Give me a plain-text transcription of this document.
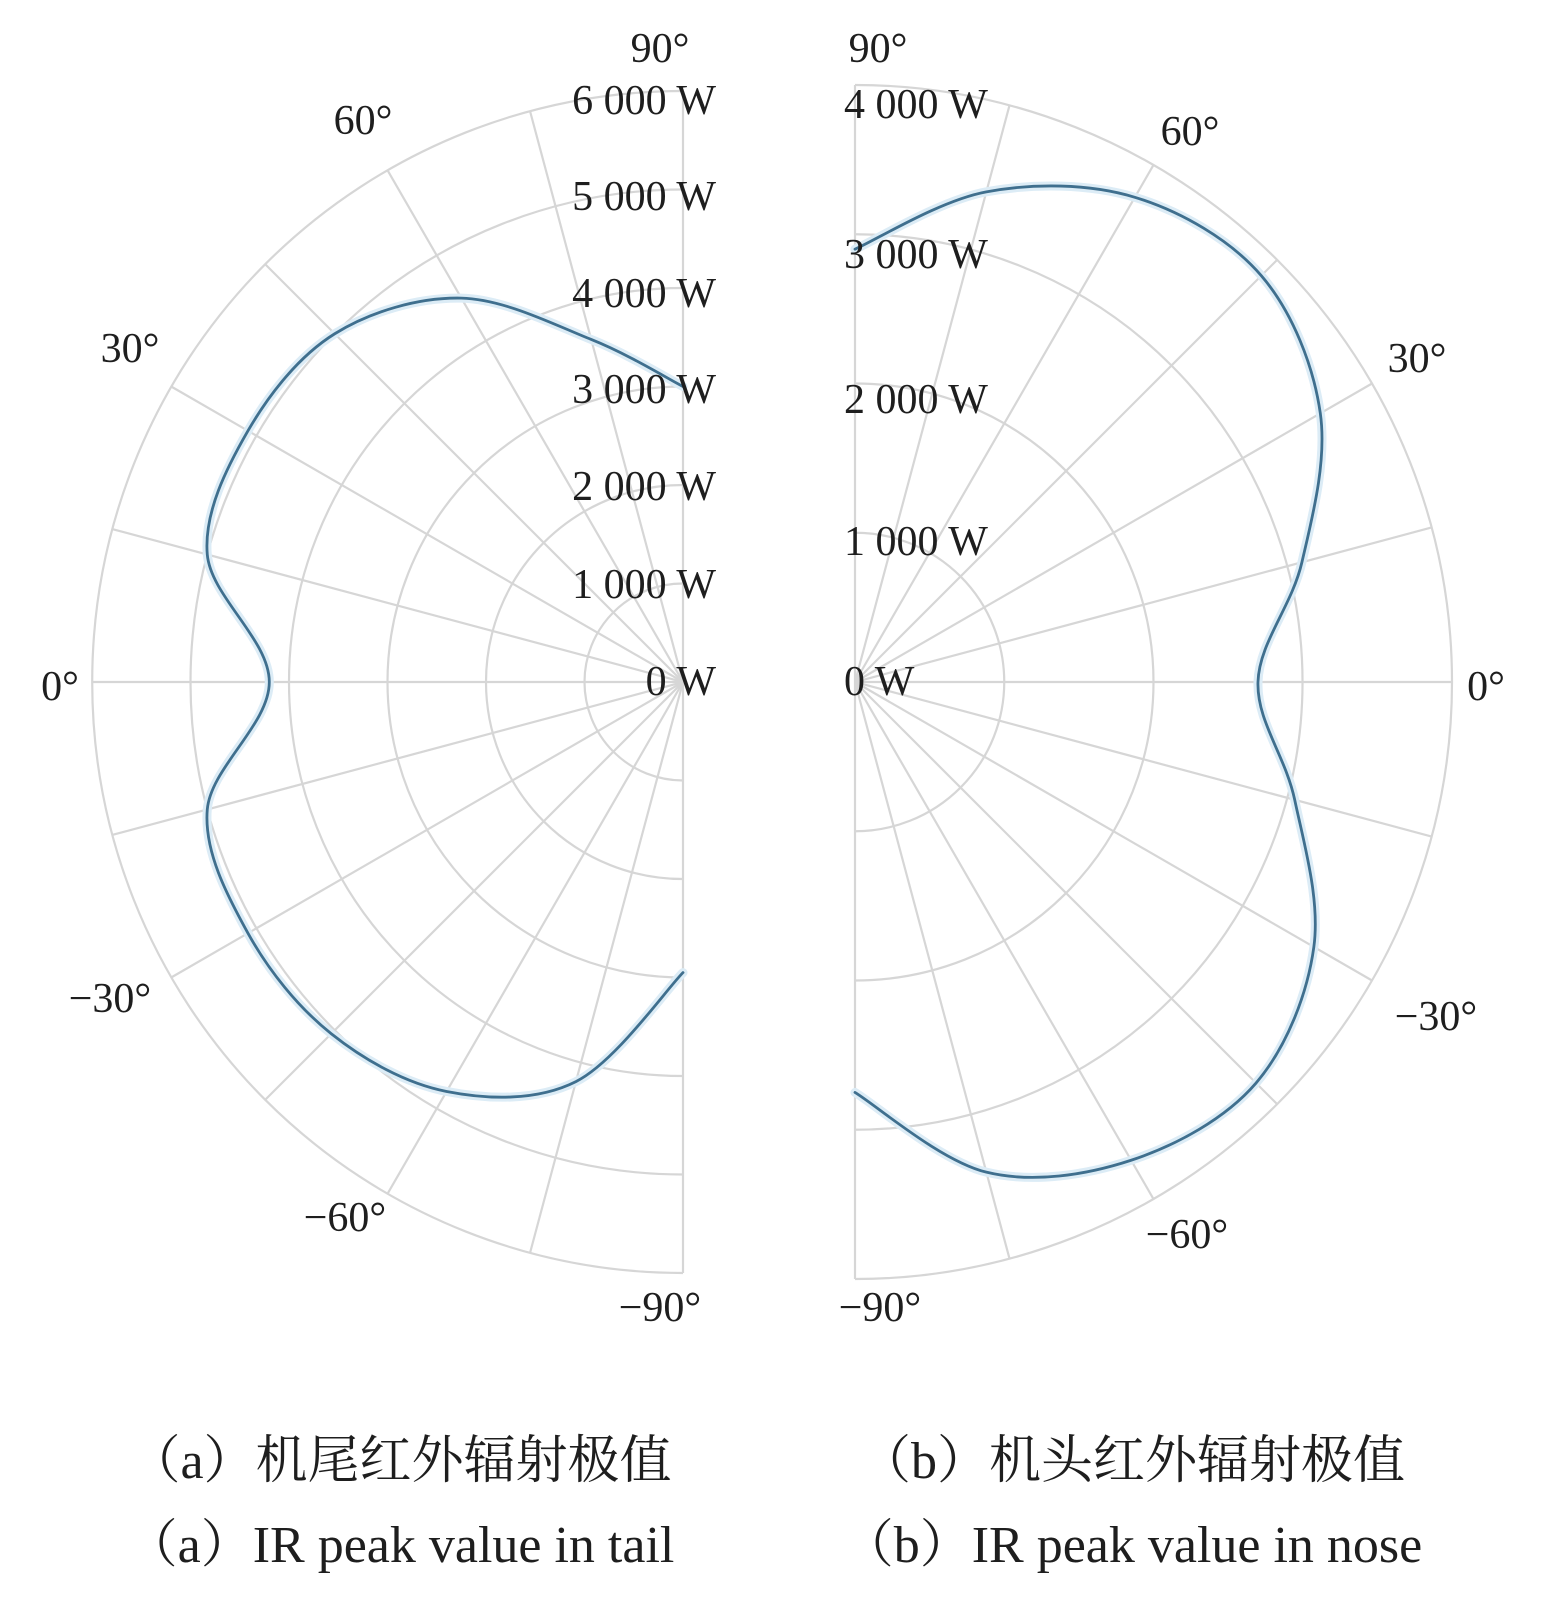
0 W
1 000 W
2 000 W
3 000 W
4 000 W
5 000 W
6 000 W
90°
60°
30°
0°
−30°
−60°
−90°
0 W
1 000 W
2 000 W
3 000 W
4 000 W
90°
60°
30°
0°
−30°
−60°
−90°
（a）机尾红外辐射极值
（a）IR peak value in tail
（b）机头红外辐射极值
（b）IR peak value in nose
